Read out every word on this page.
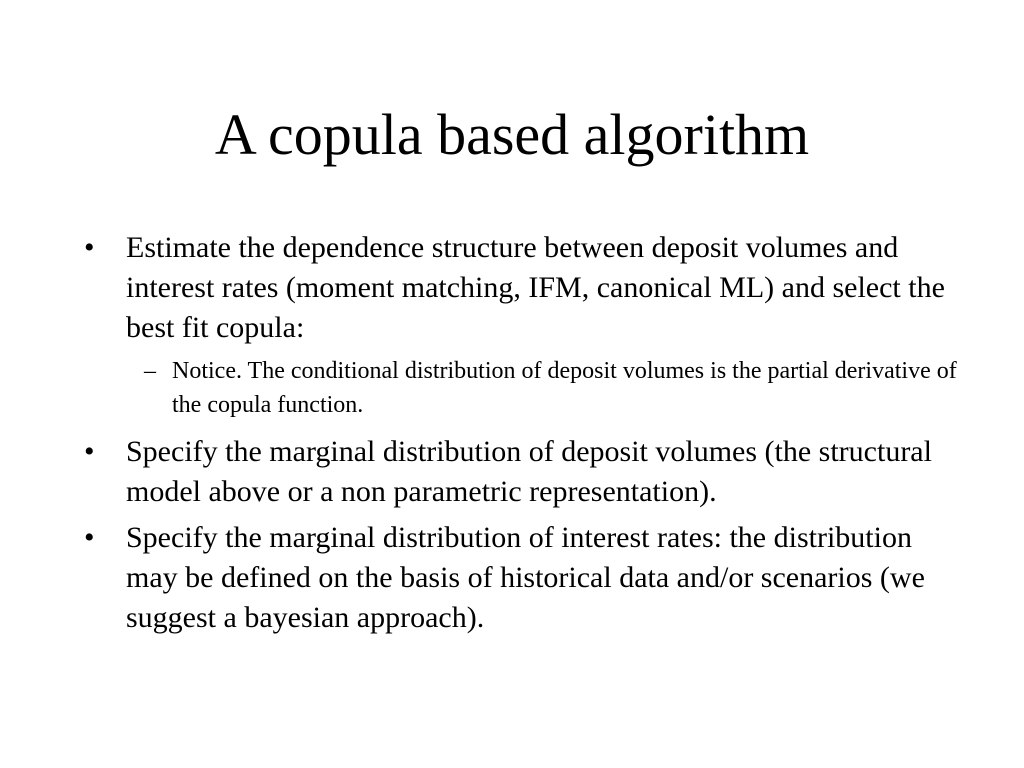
A copula based algorithm
• Estimate the dependence structure between deposit volumes and interest rates (moment matching, IFM, canonical ML) and select the best fit copula:
– Notice. The conditional distribution of deposit volumes is the partial derivative of the copula function.
• Specify the marginal distribution of deposit volumes (the structural model above or a non parametric representation).
• Specify the marginal distribution of interest rates: the distribution may be defined on the basis of historical data and/or scenarios (we suggest a bayesian approach).
